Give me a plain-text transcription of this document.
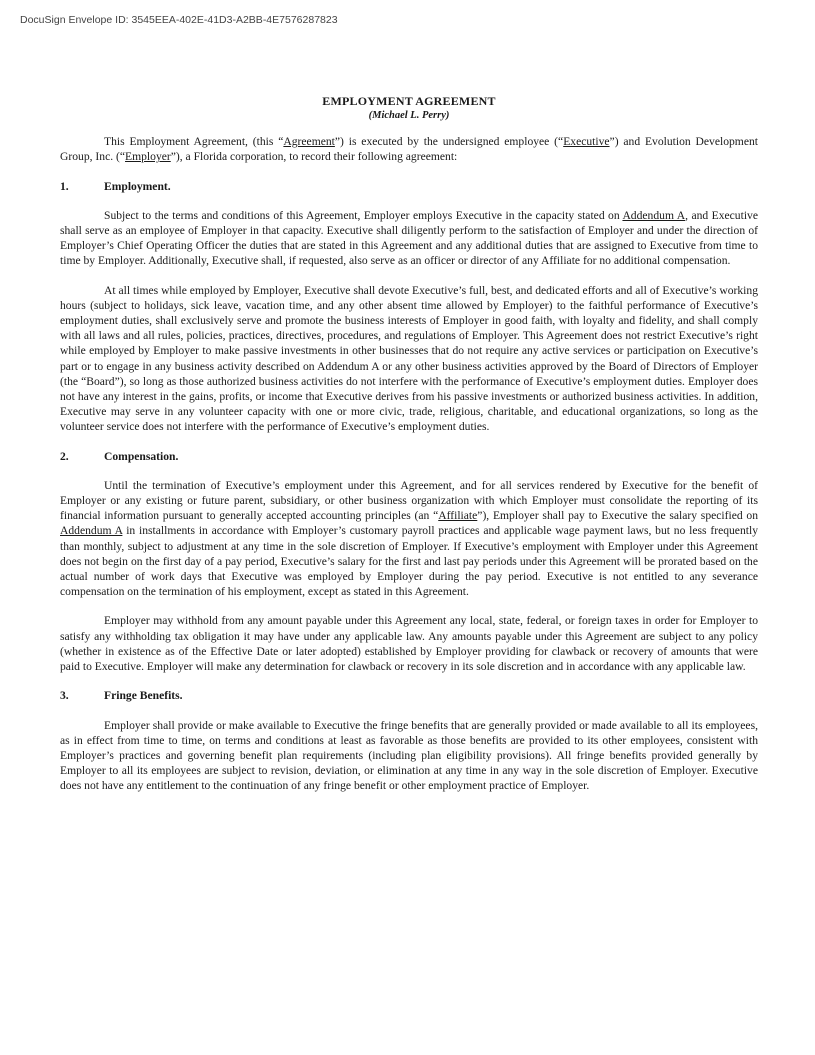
DocuSign Envelope ID: 3545EEA-402E-41D3-A2BB-4E7576287823
EMPLOYMENT AGREEMENT
(Michael L. Perry)

This Employment Agreement, (this “Agreement”) is executed by the undersigned employee (“Executive”) and Evolution Development Group, Inc. (“Employer”), a Florida corporation, to record their following agreement:

1.	Employment.

Subject to the terms and conditions of this Agreement, Employer employs Executive in the capacity stated on Addendum A, and Executive shall serve as an employee of Employer in that capacity. Executive shall diligently perform to the satisfaction of Employer and under the direction of Employer’s Chief Operating Officer the duties that are stated in this Agreement and any additional duties that are assigned to Executive from time to time by Employer. Additionally, Executive shall, if requested, also serve as an officer or director of any Affiliate for no additional compensation.

At all times while employed by Employer, Executive shall devote Executive’s full, best, and dedicated efforts and all of Executive’s working hours (subject to holidays, sick leave, vacation time, and any other absent time allowed by Employer) to the faithful performance of Executive’s employment duties, shall exclusively serve and promote the business interests of Employer in good faith, with loyalty and fidelity, and shall comply with all laws and all rules, policies, practices, directives, procedures, and regulations of Employer. This Agreement does not restrict Executive’s right while employed by Employer to make passive investments in other businesses that do not require any active services or participation on Executive’s part or to engage in any business activity described on Addendum A or any other business activities approved by the Board of Directors of Employer (the “Board”), so long as those authorized business activities do not interfere with the performance of Executive’s employment duties. Employer does not have any interest in the gains, profits, or income that Executive derives from his passive investments or authorized business activities. In addition, Executive may serve in any volunteer capacity with one or more civic, trade, religious, charitable, and educational organizations, so long as the volunteer service does not interfere with the performance of Executive’s employment duties.

2.	Compensation.

Until the termination of Executive’s employment under this Agreement, and for all services rendered by Executive for the benefit of Employer or any existing or future parent, subsidiary, or other business organization with which Employer must consolidate the reporting of its financial information pursuant to generally accepted accounting principles (an “Affiliate”), Employer shall pay to Executive the salary specified on Addendum A in installments in accordance with Employer’s customary payroll practices and applicable wage payment laws, but no less frequently than monthly, subject to adjustment at any time in the sole discretion of Employer. If Executive’s employment with Employer under this Agreement does not begin on the first day of a pay period, Executive’s salary for the first and last pay periods under this Agreement will be prorated based on the actual number of work days that Executive was employed by Employer during the pay period. Executive is not entitled to any severance compensation on the termination of his employment, except as stated in this Agreement.

Employer may withhold from any amount payable under this Agreement any local, state, federal, or foreign taxes in order for Employer to satisfy any withholding tax obligation it may have under any applicable law. Any amounts payable under this Agreement are subject to any policy (whether in existence as of the Effective Date or later adopted) established by Employer providing for clawback or recovery of amounts that were paid to Executive. Employer will make any determination for clawback or recovery in its sole discretion and in accordance with any applicable law.

3.	Fringe Benefits.

Employer shall provide or make available to Executive the fringe benefits that are generally provided or made available to all its employees, as in effect from time to time, on terms and conditions at least as favorable as those benefits are provided to its other employees, consistent with Employer’s practices and governing benefit plan requirements (including plan eligibility provisions). All fringe benefits provided generally by Employer to all its employees are subject to revision, deviation, or elimination at any time in any way in the sole discretion of Employer. Executive does not have any entitlement to the continuation of any fringe benefit or other employment practice of Employer.
